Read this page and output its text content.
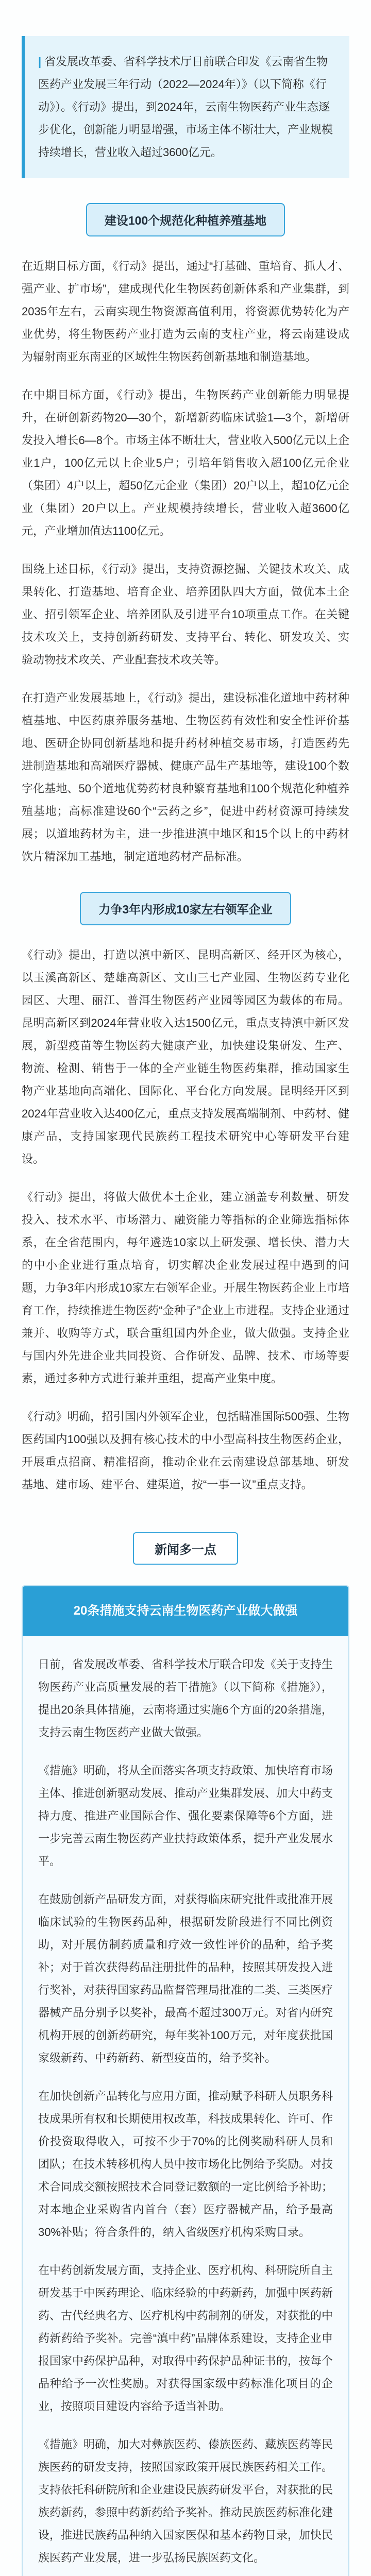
| 省发展改革委、省科学技术厅日前联合印发《云南省生物医药产业发展三年行动（2022—2024年）》（以下简称《行动》）。《行动》提出，到2024年，云南生物医药产业生态逐步优化，创新能力明显增强，市场主体不断壮大，产业规模持续增长，营业收入超过3600亿元。
建设100个规范化种植养殖基地

在近期目标方面，《行动》提出，通过“打基础、重培育、抓人才、强产业、扩市场”，建成现代化生物医药创新体系和产业集群，到2035年左右，云南实现生物资源高值利用，将资源优势转化为产业优势，将生物医药产业打造为云南的支柱产业，将云南建设成为辐射南亚东南亚的区域性生物医药创新基地和制造基地。

在中期目标方面，《行动》提出，生物医药产业创新能力明显提升，在研创新药物20—30个，新增新药临床试验1—3个，新增研发投入增长6—8个。市场主体不断壮大，营业收入500亿元以上企业1户，100亿元以上企业5户；引培年销售收入超100亿元企业（集团）4户以上，超50亿元企业（集团）20户以上，超10亿元企业（集团）20户以上。产业规模持续增长，营业收入超3600亿元，产业增加值达1100亿元。

围绕上述目标，《行动》提出，支持资源挖掘、关键技术攻关、成果转化、打造基地、培育企业、培养团队四大方面，做优本土企业、招引领军企业、培养团队及引进平台10项重点工作。在关键技术攻关上，支持创新药研发、支持平台、转化、研发攻关、实验动物技术攻关、产业配套技术攻关等。

在打造产业发展基地上，《行动》提出，建设标准化道地中药材种植基地、中医药康养服务基地、生物医药有效性和安全性评价基地、医研企协同创新基地和提升药材种植交易市场，打造医药先进制造基地和高端医疗器械、健康产品生产基地等，建设100个数字化基地、50个道地优势药材良种繁育基地和100个规范化种植养殖基地；高标准建设60个“云药之乡”，促进中药材资源可持续发展；以道地药材为主，进一步推进滇中地区和15个以上的中药材饮片精深加工基地，制定道地药材产品标准。

力争3年内形成10家左右领军企业

《行动》提出，打造以滇中新区、昆明高新区、经开区为核心，以玉溪高新区、楚雄高新区、文山三七产业园、生物医药专业化园区、大理、丽江、普洱生物医药产业园等园区为载体的布局。昆明高新区到2024年营业收入达1500亿元，重点支持滇中新区发展，新型疫苗等生物医药大健康产业，加快建设集研发、生产、物流、检测、销售于一体的全产业链生物医药集群，推动国家生物产业基地向高端化、国际化、平台化方向发展。昆明经开区到2024年营业收入达400亿元，重点支持发展高端制剂、中药材、健康产品，支持国家现代民族药工程技术研究中心等研发平台建设。

《行动》提出，将做大做优本土企业，建立涵盖专利数量、研发投入、技术水平、市场潜力、融资能力等指标的企业筛选指标体系，在全省范围内，每年遴选10家以上研发强、增长快、潜力大的中小企业进行重点培育，切实解决企业发展过程中遇到的问题，力争3年内形成10家左右领军企业。开展生物医药企业上市培育工作，持续推进生物医药“金种子”企业上市进程。支持企业通过兼并、收购等方式，联合重组国内外企业，做大做强。支持企业与国内外先进企业共同投资、合作研发、品牌、技术、市场等要素，通过多种方式进行兼并重组，提高产业集中度。

《行动》明确，招引国内外领军企业，包括瞄准国际500强、生物医药国内100强以及拥有核心技术的中小型高科技生物医药企业，开展重点招商、精准招商，推动企业在云南建设总部基地、研发基地、建市场、建平台、建渠道，按“一事一议”重点支持。

新闻多一点
20条措施支持云南生物医药产业做大做强

日前，省发展改革委、省科学技术厅联合印发《关于支持生物医药产业高质量发展的若干措施》（以下简称《措施》），提出20条具体措施，云南将通过实施6个方面的20条措施，支持云南生物医药产业做大做强。

《措施》明确，将从全面落实各项支持政策、加快培育市场主体、推进创新驱动发展、推动产业集群发展、加大中药支持力度、推进产业国际合作、强化要素保障等6个方面，进一步完善云南生物医药产业扶持政策体系，提升产业发展水平。

在鼓励创新产品研发方面，对获得临床研究批件或批准开展临床试验的生物医药品种，根据研发阶段进行不同比例资助，对开展仿制药质量和疗效一致性评价的品种，给予奖补；对于首次获得药品注册批件的品种，按照其研发投入进行奖补，对获得国家药品监督管理局批准的二类、三类医疗器械产品分别予以奖补，最高不超过300万元。对省内研究机构开展的创新药研究，每年奖补100万元，对年度获批国家级新药、中药新药、新型疫苗的，给予奖补。

在加快创新产品转化与应用方面，推动赋予科研人员职务科技成果所有权和长期使用权改革，科技成果转化、许可、作价投资取得收入，可按不少于70%的比例奖励科研人员和团队；在技术转移机构人员中按市场化比例给予奖励。对技术合同成交额按照技术合同登记数额的一定比例给予补助；对本地企业采购省内首台（套）医疗器械产品，给予最高30%补贴；符合条件的，纳入省级医疗机构采购目录。

在中药创新发展方面，支持企业、医疗机构、科研院所自主研发基于中医药理论、临床经验的中药新药，加强中医药新药、古代经典名方、医疗机构中药制剂的研发，对获批的中药新药给予奖补。完善“滇中药”品牌体系建设，支持企业申报国家中药保护品种，对取得中药保护品种证书的，按每个品种给予一次性奖励。对获得国家级中药标准化项目的企业，按照项目建设内容给予适当补助。

《措施》明确，加大对彝族医药、傣族医药、藏族医药等民族医药的研发支持，按照国家政策开展民族医药相关工作。支持依托科研院所和企业建设民族药研发平台，对获批的民族药新药，参照中药新药给予奖补。推动民族医药标准化建设，推进民族药品种纳入国家医保和基本药物目录，加快民族医药产业发展，进一步弘扬民族医药文化。
